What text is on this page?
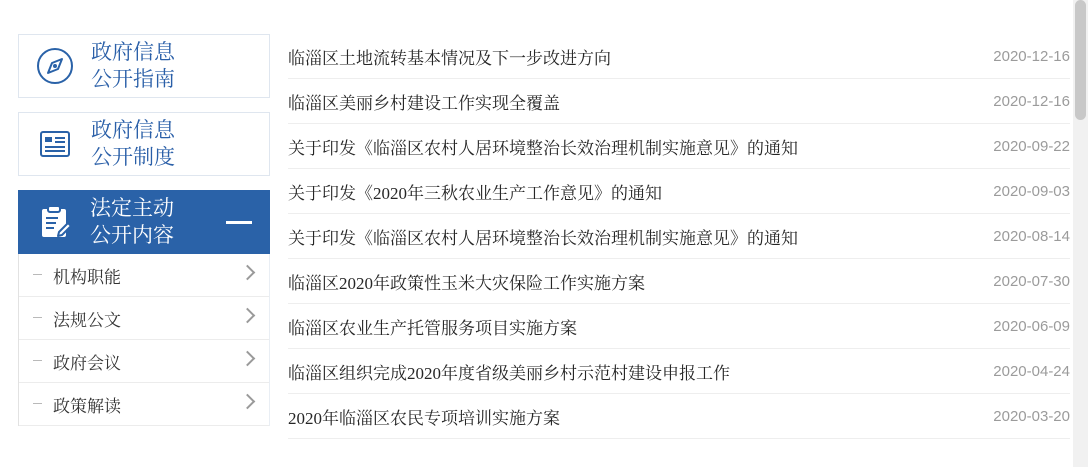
政府信息
公开指南
政府信息
公开制度
法定主动
公开内容
机构职能
法规公文
政府会议
政策解读
临淄区土地流转基本情况及下一步改进方向	2020-12-16
临淄区美丽乡村建设工作实现全覆盖	2020-12-16
关于印发《临淄区农村人居环境整治长效治理机制实施意见》的通知	2020-09-22
关于印发《2020年三秋农业生产工作意见》的通知	2020-09-03
关于印发《临淄区农村人居环境整治长效治理机制实施意见》的通知	2020-08-14
临淄区2020年政策性玉米大灾保险工作实施方案	2020-07-30
临淄区农业生产托管服务项目实施方案	2020-06-09
临淄区组织完成2020年度省级美丽乡村示范村建设申报工作	2020-04-24
2020年临淄区农民专项培训实施方案	2020-03-20
